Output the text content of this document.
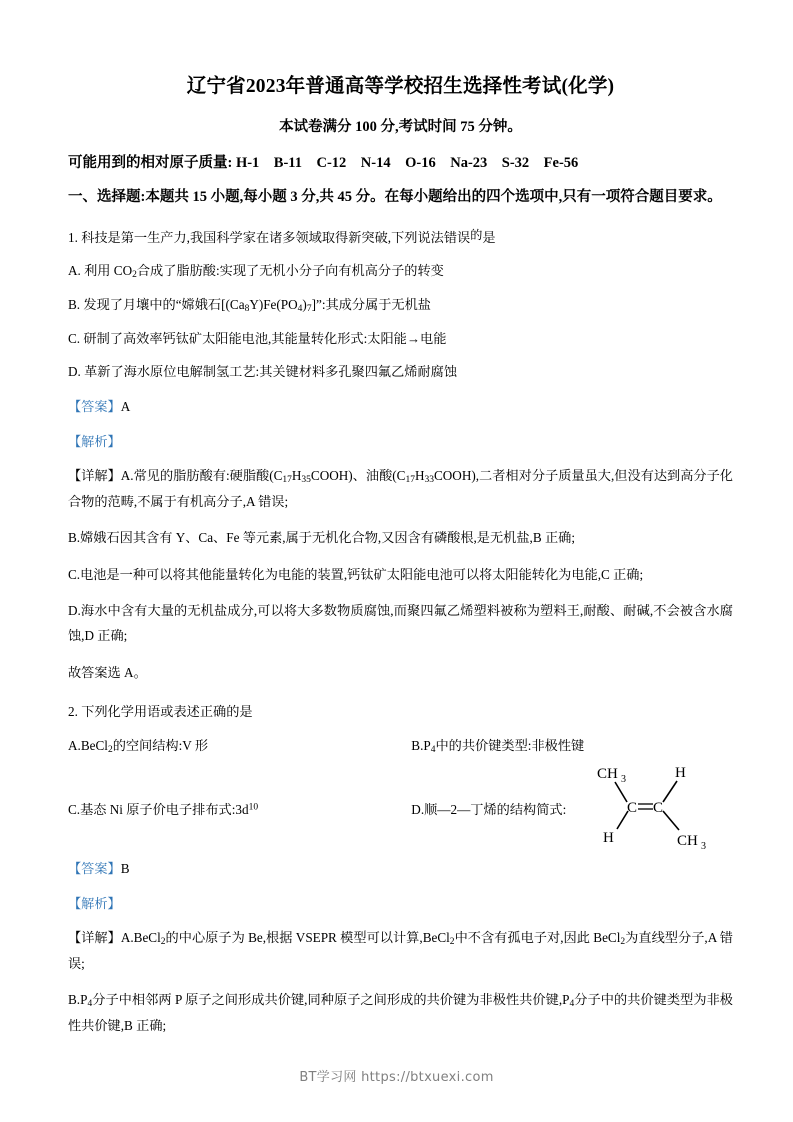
辽宁省2023年普通高等学校招生选择性考试(化学)
本试卷满分 100 分,考试时间 75 分钟。
可能用到的相对原子质量: H-1    B-11    C-12    N-14    O-16    Na-23    S-32    Fe-56
一、选择题:本题共 15 小题,每小题 3 分,共 45 分。在每小题给出的四个选项中,只有一项符合题目要求。
1. 科技是第一生产力,我国科学家在诸多领域取得新突破,下列说法错误的是
A. 利用 $CO_2$合成了脂肪酸:实现了无机小分子向有机高分子的转变
B. 发现了月壤中的“嫦娥石$[(Ca_8Y)Fe(PO_4)_7]$”:其成分属于无机盐
C. 研制了高效率钙钛矿太阳能电池,其能量转化形式:太阳能→电能
D. 革新了海水原位电解制氢工艺:其关键材料多孔聚四氟乙烯耐腐蚀
【答案】A
【解析】
【详解】A.常见的脂肪酸有:硬脂酸$(C_{17}H_{35}COOH)$、油酸$(C_{17}H_{33}COOH)$,二者相对分子质量虽大,但没有达到高分子化合物的范畴,不属于有机高分子,A 错误;
B.嫦娥石因其含有 Y、Ca、Fe 等元素,属于无机化合物,又因含有磷酸根,是无机盐,B 正确;
C.电池是一种可以将其他能量转化为电能的装置,钙钛矿太阳能电池可以将太阳能转化为电能,C 正确;
D.海水中含有大量的无机盐成分,可以将大多数物质腐蚀,而聚四氟乙烯塑料被称为塑料王,耐酸、耐碱,不会被含水腐蚀,D 正确;
故答案选 A。
2. 下列化学用语或表述正确的是
A.BeCl$_2$的空间结构:V 形	$B.P_4$中的共价键类型:非极性键
C.基态 Ni 原子价电子排布式$:3d^{10}$	D.顺—2—丁烯的结构简式:
CH 3	H
C C
H	CH 3
【答案】B
【解析】
【详解】A.BeCl$_2$的中心原子为 Be,根据 VSEPR 模型可以计算,BeCl$_2$中不含有孤电子对,因此 BeCl$_2$为直线型分子,A 错误;
$B.P_4$分子中相邻两 P 原子之间形成共价键,同种原子之间形成的共价键为非极性共价键$,P_4$分子中的共价键类型为非极性共价键,B 正确;
BT学习网 https://btxuexi.com
